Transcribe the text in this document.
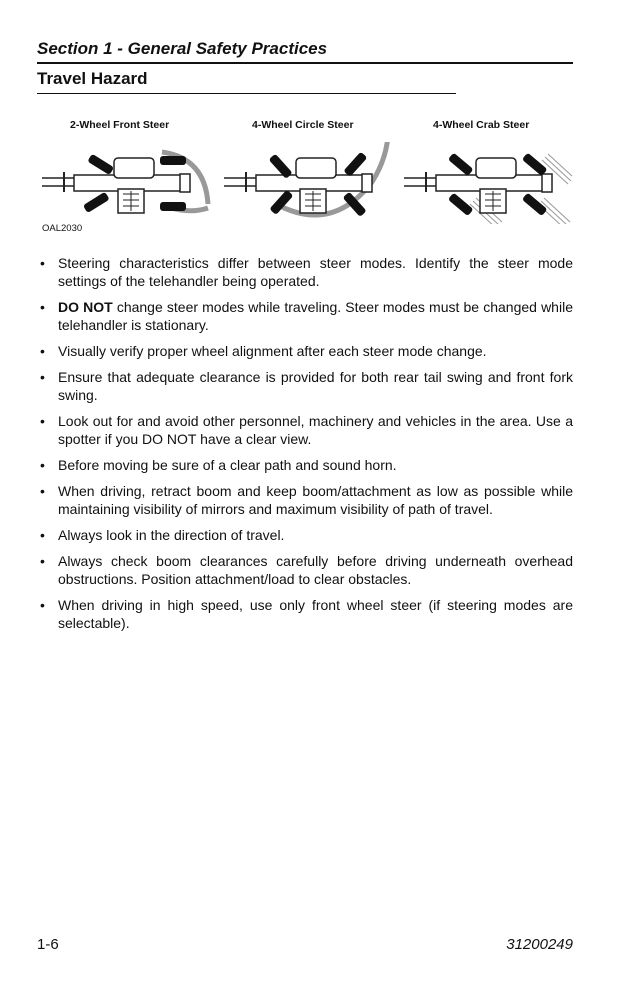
Section 1 - General Safety Practices
Travel Hazard
2-Wheel Front Steer	4-Wheel Circle Steer	4-Wheel Crab Steer
OAL2030
• Steering characteristics differ between steer modes. Identify the steer mode settings of the telehandler being operated.
• DO NOT change steer modes while traveling. Steer modes must be changed while telehandler is stationary.
• Visually verify proper wheel alignment after each steer mode change.
• Ensure that adequate clearance is provided for both rear tail swing and front fork swing.
• Look out for and avoid other personnel, machinery and vehicles in the area. Use a spotter if you DO NOT have a clear view.
• Before moving be sure of a clear path and sound horn.
• When driving, retract boom and keep boom/attachment as low as possible while maintaining visibility of mirrors and maximum visibility of path of travel.
• Always look in the direction of travel.
• Always check boom clearances carefully before driving underneath overhead obstructions. Position attachment/load to clear obstacles.
• When driving in high speed, use only front wheel steer (if steering modes are selectable).
1-6	31200249
